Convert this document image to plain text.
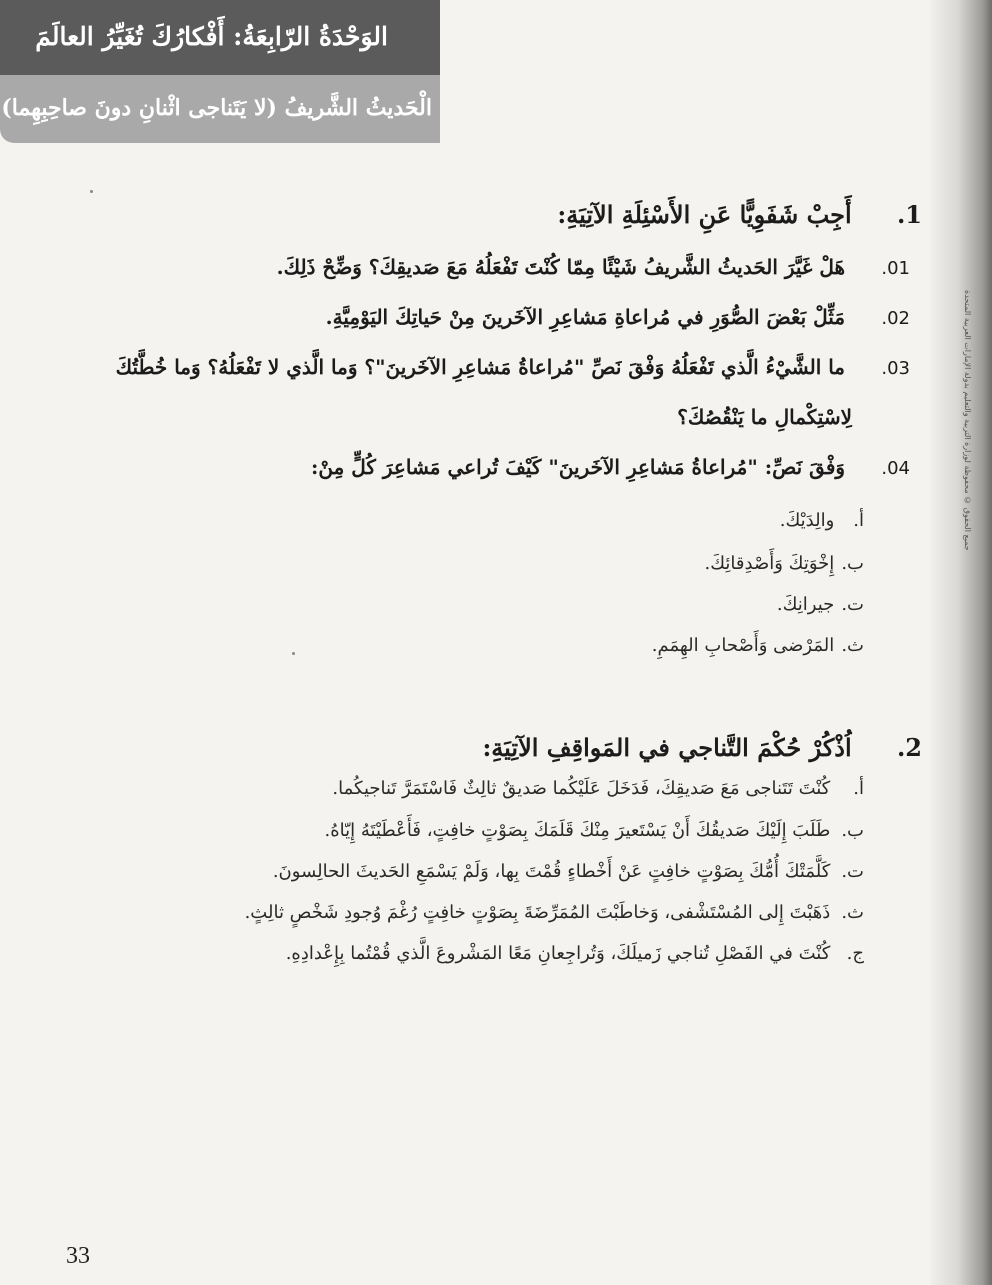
جميع الحقوق © محفوظة لوزارة التربية والتعليم بدولة الإمارات العربية المتحدة
الوَحْدَةُ الرّابِعَةُ: أَفْكارُكَ تُغَيِّرُ العالَمَ
الْحَديثُ الشَّريفُ (لا يَتَناجى اثْنانِ دونَ صاحِبِهِما)
1. أَجِبْ شَفَوِيًّا عَنِ الأَسْئِلَةِ الآتِيَةِ:
01. هَلْ غَيَّرَ الحَديثُ الشَّريفُ شَيْئًا مِمّا كُنْتَ تَفْعَلُهُ مَعَ صَديقِكَ؟ وَضِّحْ ذَلِكَ.
02. مَثِّلْ بَعْضَ الصُّوَرِ في مُراعاةِ مَشاعِرِ الآخَرينَ مِنْ حَياتِكَ اليَوْمِيَّةِ.
03. ما الشَّيْءُ الَّذي تَفْعَلُهُ وَفْقَ نَصِّ "مُراعاةُ مَشاعِرِ الآخَرينَ"؟ وَما الَّذي لا تَفْعَلُهُ؟ وَما خُطَّتُكَ
لِاسْتِكْمالِ ما يَنْقُصُكَ؟
04. وَفْقَ نَصِّ: "مُراعاةُ مَشاعِرِ الآخَرينَ" كَيْفَ تُراعي مَشاعِرَ كُلٍّ مِنْ:
أ. والِدَيْكَ.
ب. إِخْوَتِكَ وَأَصْدِقائِكَ.
ت. جيرانِكَ.
ث. المَرْضى وَأَصْحابِ الهِمَمِ.
2. اُذْكُرْ حُكْمَ التَّناجي في المَواقِفِ الآتِيَةِ:
أ. كُنْتَ تَتَناجى مَعَ صَديقِكَ، فَدَخَلَ عَلَيْكُما صَديقٌ ثالِثٌ فَاسْتَمَرَّ تَناجيكُما.
ب. طَلَبَ إِلَيْكَ صَديقُكَ أَنْ يَسْتَعيرَ مِنْكَ قَلَمَكَ بِصَوْتٍ خافِتٍ، فَأَعْطَيْتَهُ إِيّاهُ.
ت. كَلَّمَتْكَ أُمُّكَ بِصَوْتٍ خافِتٍ عَنْ أَخْطاءٍ قُمْتَ بِها، وَلَمْ يَسْمَعِ الحَديثَ الحالِسونَ.
ث. ذَهَبْتَ إِلى المُسْتَشْفى، وَخاطَبْتَ المُمَرِّضَةَ بِصَوْتٍ خافِتٍ رُغْمَ وُجودِ شَخْصٍ ثالِثٍ.
ج. كُنْتَ في الفَصْلِ تُناجي زَميلَكَ، وَتُراجِعانِ مَعًا المَشْروعَ الَّذي قُمْتُما بِإِعْدادِهِ.
33
